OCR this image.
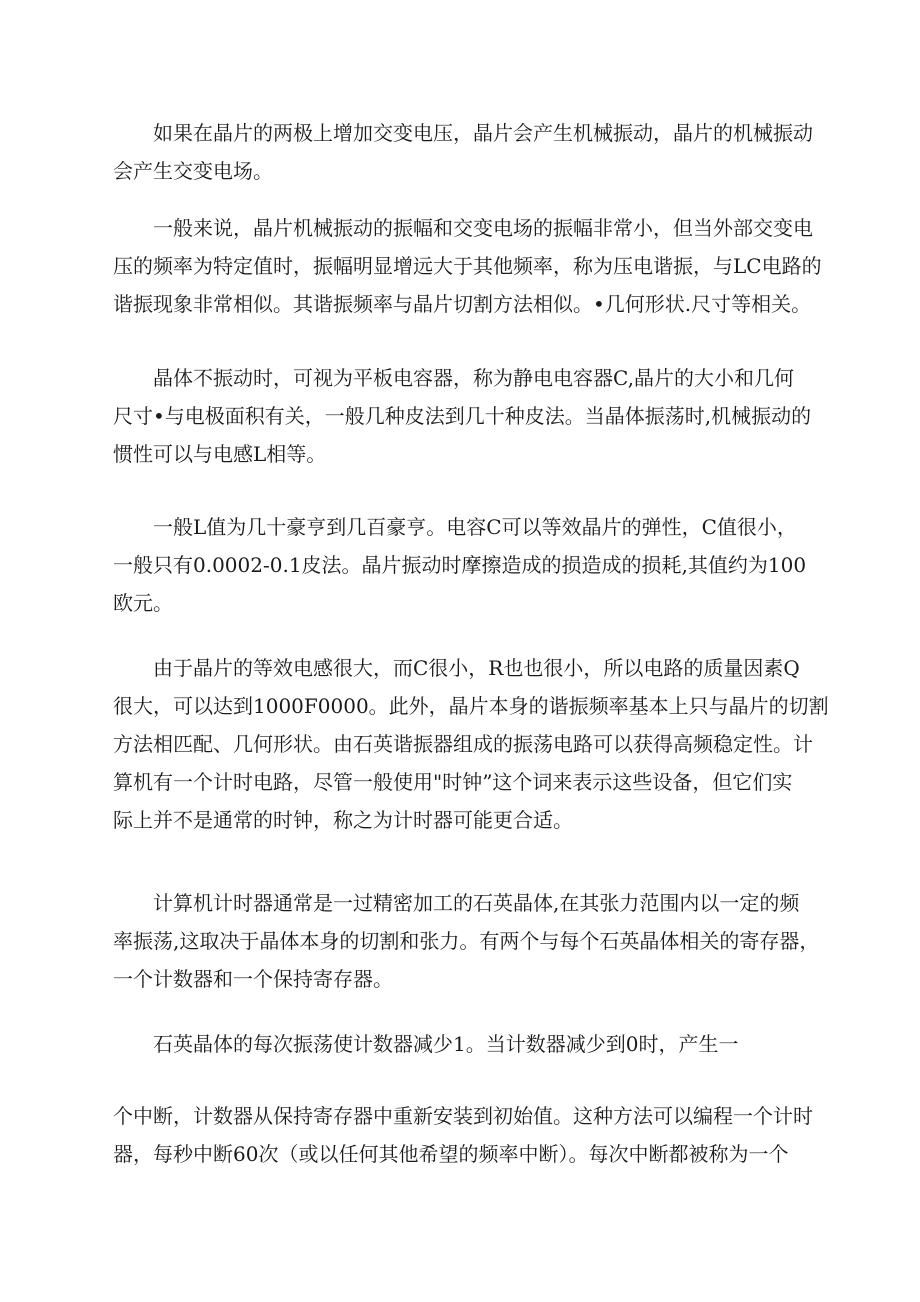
　　如果在晶片的两极上增加交变电压，晶片会产生机械振动，晶片的机械振动
会产生交变电场。

　　一般来说，晶片机械振动的振幅和交变电场的振幅非常小，但当外部交变电
压的频率为特定值时，振幅明显增远大于其他频率，称为压电谐振，与LC电路的
谐振现象非常相似。其谐振频率与晶片切割方法相似。•几何形状.尺寸等相关。

　　晶体不振动时，可视为平板电容器，称为静电电容器C,晶片的大小和几何
尺寸•与电极面积有关，一般几种皮法到几十种皮法。当晶体振荡时,机械振动的
惯性可以与电感L相等。

　　一般L值为几十豪亨到几百豪亨。电容C可以等效晶片的弹性，C值很小，
一般只有0.0002-0.1皮法。晶片振动时摩擦造成的损造成的损耗,其值约为100
欧元。

　　由于晶片的等效电感很大，而C很小，R也也很小，所以电路的质量因素Q
很大，可以达到1000F0000。此外，晶片本身的谐振频率基本上只与晶片的切割
方法相匹配、几何形状。由石英谐振器组成的振荡电路可以获得高频稳定性。计
算机有一个计时电路，尽管一般使用"时钟”这个词来表示这些设备，但它们实
际上并不是通常的时钟，称之为计时器可能更合适。

　　计算机计时器通常是一过精密加工的石英晶体,在其张力范围内以一定的频
率振荡,这取决于晶体本身的切割和张力。有两个与每个石英晶体相关的寄存器，
一个计数器和一个保持寄存器。

　　石英晶体的每次振荡使计数器减少1。当计数器减少到0时，产生一

个中断，计数器从保持寄存器中重新安装到初始值。这种方法可以编程一个计时
器，每秒中断60次（或以任何其他希望的频率中断）。每次中断都被称为一个
